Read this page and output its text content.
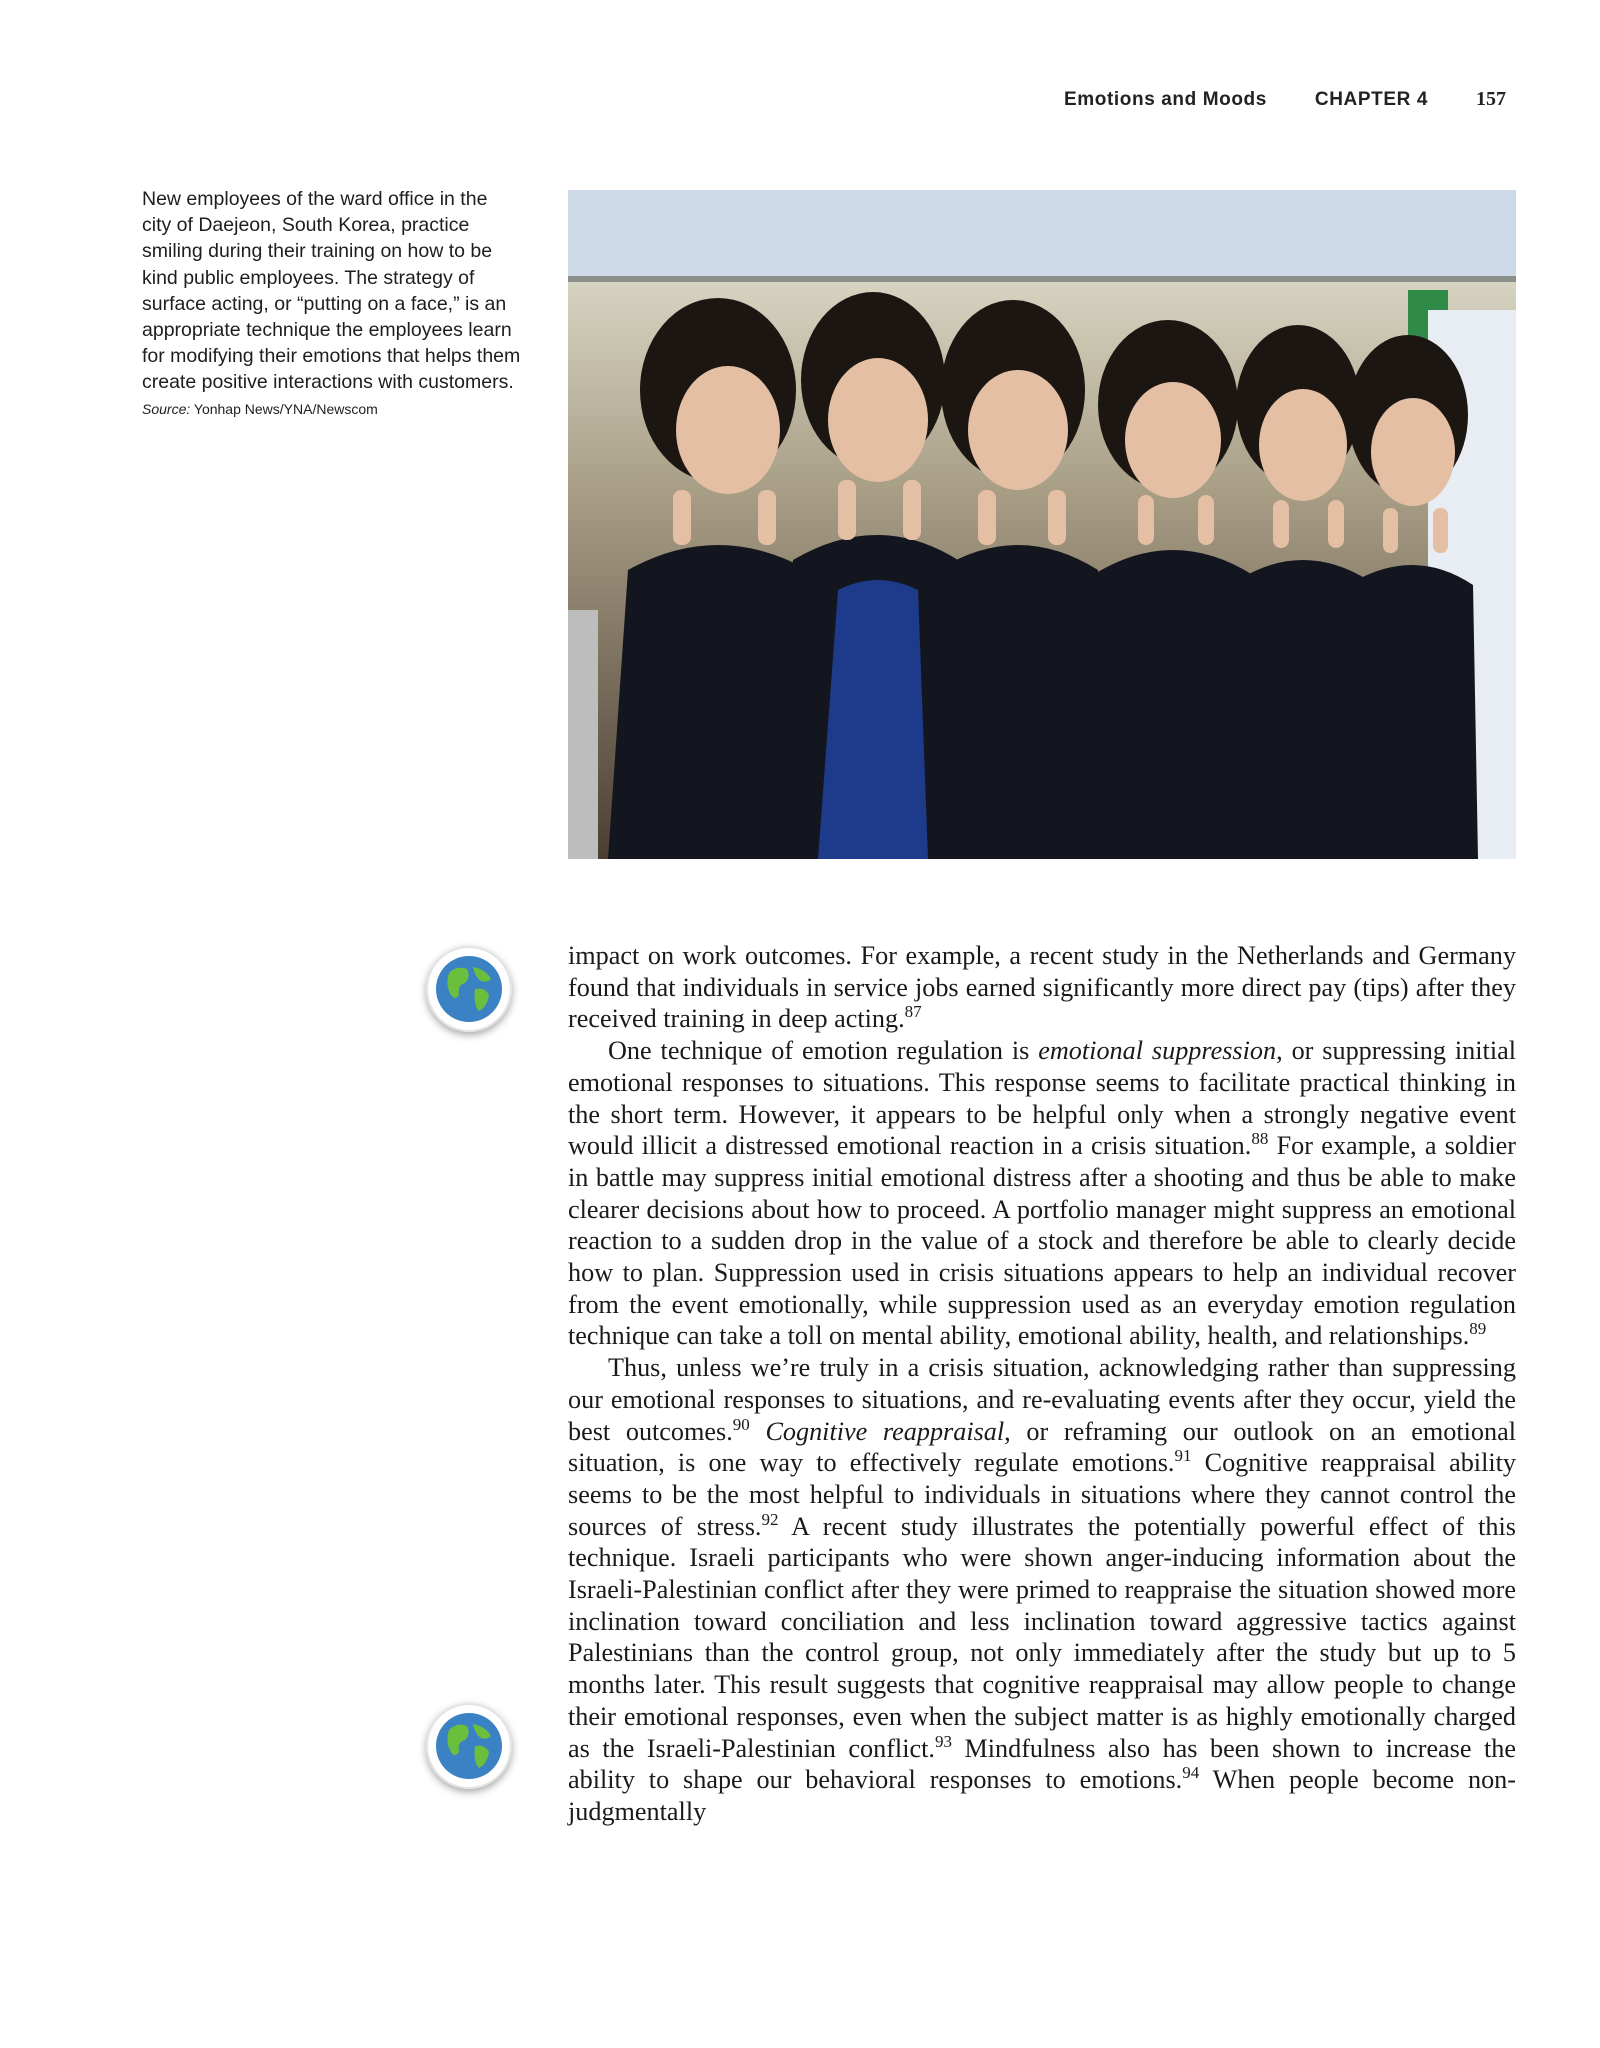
Emotions and Moods	CHAPTER 4 157
New employees of the ward office in the city of Daejeon, South Korea, practice smiling during their training on how to be kind public employees. The strategy of surface acting, or “putting on a face,” is an appropriate technique the employees learn for modifying their emotions that helps them create positive interactions with customers.
Source: Yonhap News/YNA/Newscom

impact on work outcomes. For example, a recent study in the Netherlands and Germany found that individuals in service jobs earned significantly more direct pay (tips) after they received training in deep acting.$^{87}$

One technique of emotion regulation is emotional suppression, or suppressing initial emotional responses to situations. This response seems to facilitate practical thinking in the short term. However, it appears to be helpful only when a strongly negative event would illicit a distressed emotional reaction in a crisis situation.$^{88}$ For example, a soldier in battle may suppress initial emotional distress after a shooting and thus be able to make clearer decisions about how to proceed. A portfolio manager might suppress an emotional reaction to a sudden drop in the value of a stock and therefore be able to clearly decide how to plan. Suppression used in crisis situations appears to help an individual recover from the event emotionally, while suppression used as an everyday emotion regulation technique can take a toll on mental ability, emotional ability, health, and relationships.$^{89}$

Thus, unless we’re truly in a crisis situation, acknowledging rather than suppressing our emotional responses to situations, and re-evaluating events after they occur, yield the best outcomes.$^{90}$ Cognitive reappraisal, or reframing our outlook on an emotional situation, is one way to effectively regulate emotions.$^{91}$ Cognitive reappraisal ability seems to be the most helpful to individuals in situations where they cannot control the sources of stress.$^{92}$ A recent study illustrates the potentially powerful effect of this technique. Israeli participants who were shown anger-inducing information about the Israeli-Palestinian conflict after they were primed to reappraise the situation showed more inclination toward conciliation and less inclination toward aggressive tactics against Palestinians than the control group, not only immediately after the study but up to 5 months later. This result suggests that cognitive reappraisal may allow people to change their emotional responses, even when the subject matter is as highly emotionally charged as the Israeli-Palestinian conflict.$^{93}$ Mindfulness also has been shown to increase the ability to shape our behavioral responses to emotions.$^{94}$ When people become non-judgmentally
